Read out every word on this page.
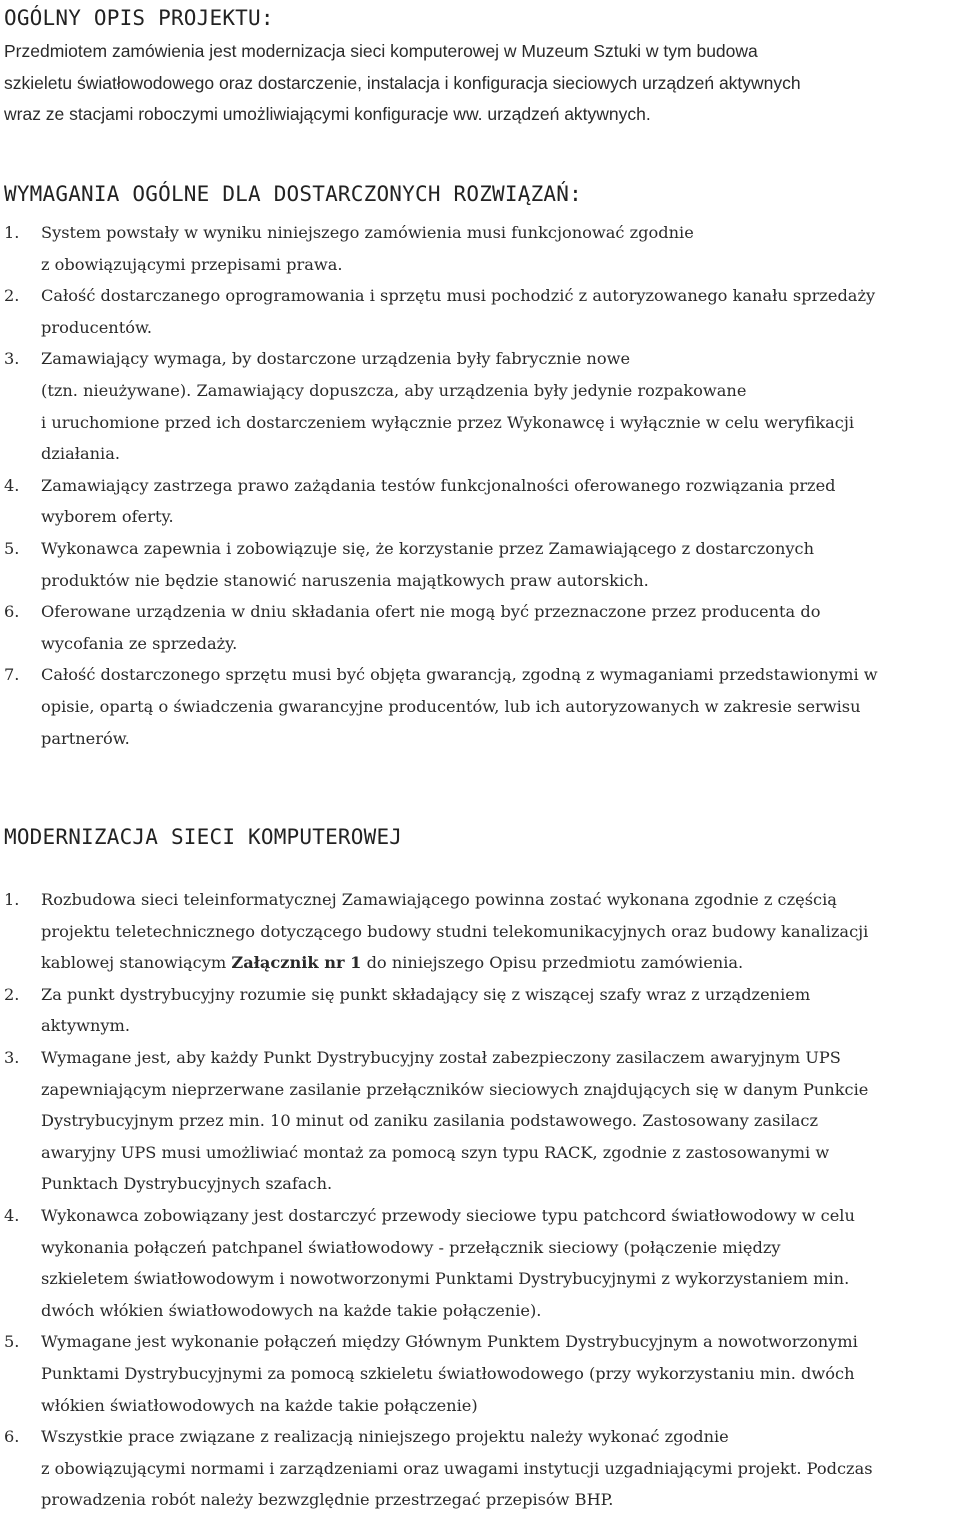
OGÓLNY OPIS PROJEKTU:
Przedmiotem zamówienia jest modernizacja sieci komputerowej w Muzeum Sztuki w tym budowa
szkieletu światłowodowego oraz dostarczenie, instalacja i konfiguracja sieciowych urządzeń aktywnych
wraz ze stacjami roboczymi umożliwiającymi konfiguracje ww. urządzeń aktywnych.
WYMAGANIA OGÓLNE DLA DOSTARCZONYCH ROZWIĄZAŃ:
1. System powstały w wyniku niniejszego zamówienia musi funkcjonować zgodnie
z obowiązującymi przepisami prawa.
2. Całość dostarczanego oprogramowania i sprzętu musi pochodzić z autoryzowanego kanału sprzedaży
producentów.
3. Zamawiający wymaga, by dostarczone urządzenia były fabrycznie nowe
(tzn. nieużywane). Zamawiający dopuszcza, aby urządzenia były jedynie rozpakowane
i uruchomione przed ich dostarczeniem wyłącznie przez Wykonawcę i wyłącznie w celu weryfikacji
działania.
4. Zamawiający zastrzega prawo zażądania testów funkcjonalności oferowanego rozwiązania przed
wyborem oferty.
5. Wykonawca zapewnia i zobowiązuje się, że korzystanie przez Zamawiającego z dostarczonych
produktów nie będzie stanowić naruszenia majątkowych praw autorskich.
6. Oferowane urządzenia w dniu składania ofert nie mogą być przeznaczone przez producenta do
wycofania ze sprzedaży.
7. Całość dostarczonego sprzętu musi być objęta gwarancją, zgodną z wymaganiami przedstawionymi w
opisie, opartą o świadczenia gwarancyjne producentów, lub ich autoryzowanych w zakresie serwisu
partnerów.
MODERNIZACJA SIECI KOMPUTEROWEJ
1. Rozbudowa sieci teleinformatycznej Zamawiającego powinna zostać wykonana zgodnie z częścią
projektu teletechnicznego dotyczącego budowy studni telekomunikacyjnych oraz budowy kanalizacji
kablowej stanowiącym Załącznik nr 1 do niniejszego Opisu przedmiotu zamówienia.
2. Za punkt dystrybucyjny rozumie się punkt składający się z wiszącej szafy wraz z urządzeniem
aktywnym.
3. Wymagane jest, aby każdy Punkt Dystrybucyjny został zabezpieczony zasilaczem awaryjnym UPS
zapewniającym nieprzerwane zasilanie przełączników sieciowych znajdujących się w danym Punkcie
Dystrybucyjnym przez min. 10 minut od zaniku zasilania podstawowego. Zastosowany zasilacz
awaryjny UPS musi umożliwiać montaż za pomocą szyn typu RACK, zgodnie z zastosowanymi w
Punktach Dystrybucyjnych szafach.
4. Wykonawca zobowiązany jest dostarczyć przewody sieciowe typu patchcord światłowodowy w celu
wykonania połączeń patchpanel światłowodowy - przełącznik sieciowy (połączenie między
szkieletem światłowodowym i nowotworzonymi Punktami Dystrybucyjnymi z wykorzystaniem min.
dwóch włókien światłowodowych na każde takie połączenie).
5. Wymagane jest wykonanie połączeń między Głównym Punktem Dystrybucyjnym a nowotworzonymi
Punktami Dystrybucyjnymi za pomocą szkieletu światłowodowego (przy wykorzystaniu min. dwóch
włókien światłowodowych na każde takie połączenie)
6. Wszystkie prace związane z realizacją niniejszego projektu należy wykonać zgodnie
z obowiązującymi normami i zarządzeniami oraz uwagami instytucji uzgadniającymi projekt. Podczas
prowadzenia robót należy bezwzględnie przestrzegać przepisów BHP.
